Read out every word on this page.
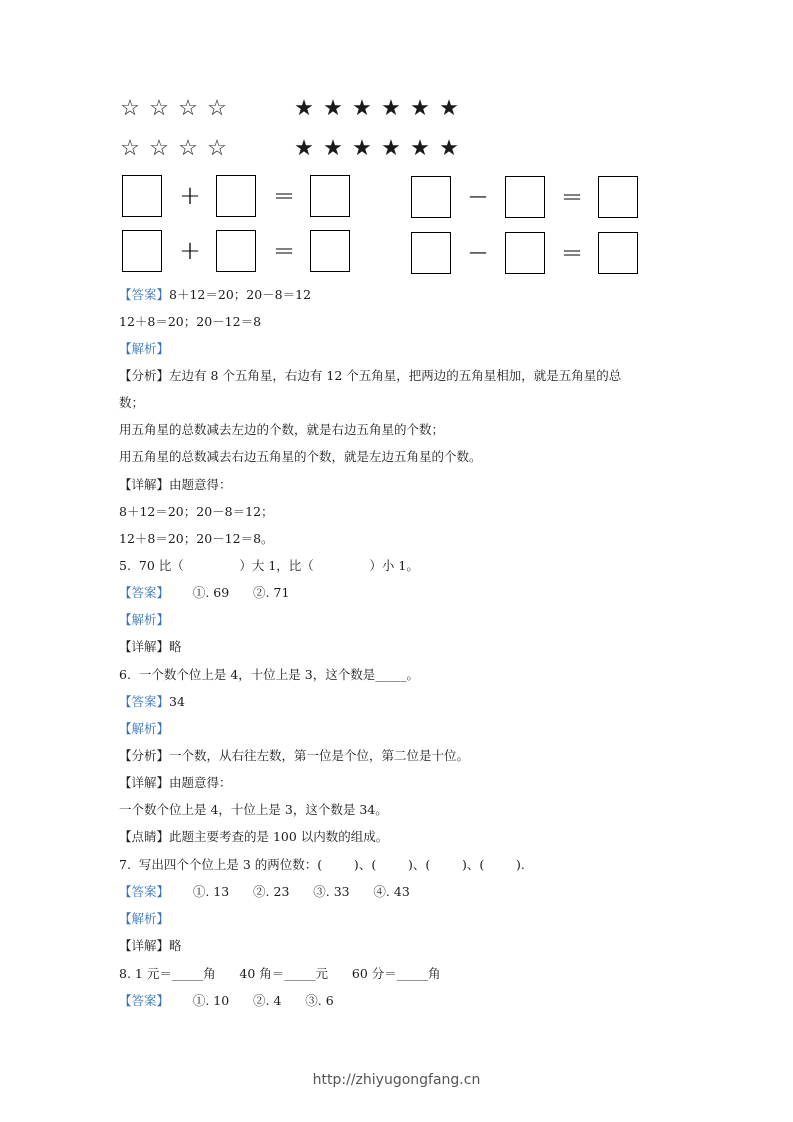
☆ ☆ ☆ ☆	★ ★ ★ ★ ★ ★
☆ ☆ ☆ ☆	★ ★ ★ ★ ★ ★
+	=	−	=
+	=	−	=
【答案】8＋12＝20；20－8＝12
12＋8＝20；20－12＝8
【解析】
【分析】左边有 8 个五角星，右边有 12 个五角星，把两边的五角星相加，就是五角星的总
数；
用五角星的总数减去左边的个数，就是右边五角星的个数；
用五角星的总数减去右边五角星的个数，就是左边五角星的个数。
【详解】由题意得：
8＋12＝20；20－8＝12；
12＋8＝20；20－12＝8。
5.  70 比（              ）大 1，比（              ）小 1。
【答案】      ①. 69      ②. 71
【解析】
【详解】略
6.  一个数个位上是 4，十位上是 3，这个数是_____。
【答案】34
【解析】
【分析】一个数，从右往左数，第一位是个位，第二位是十位。
【详解】由题意得：
一个数个位上是 4，十位上是 3，这个数是 34。
【点睛】此题主要考查的是 100 以内数的组成。
7.  写出四个个位上是 3 的两位数：(        )、(        )、(        )、(        ).
【答案】      ①. 13      ②. 23      ③. 33      ④. 43
【解析】
【详解】略
8. 1 元＝_____角      40 角＝_____元      60 分＝_____角
【答案】      ①. 10      ②. 4      ③. 6
http://zhiyugongfang.cn
